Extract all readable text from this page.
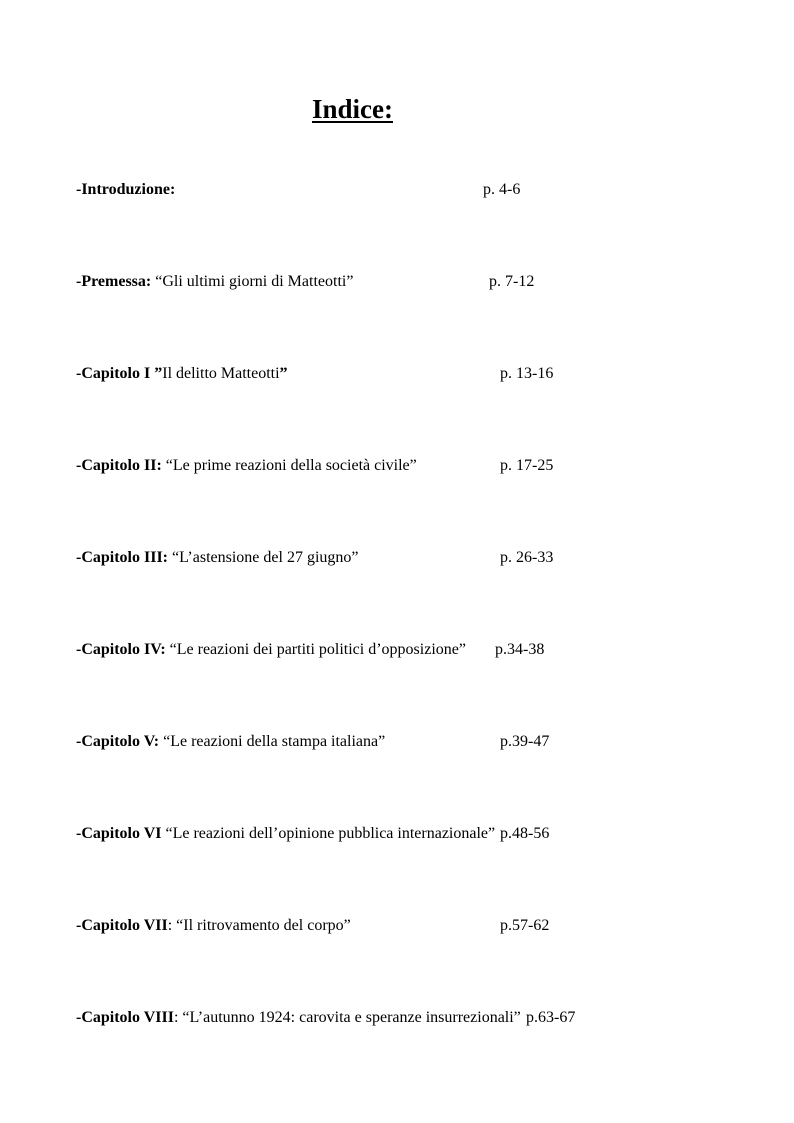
Indice:
-Introduzione:	p. 4-6
-Premessa: “Gli ultimi giorni di Matteotti”	p. 7-12
-Capitolo I ”Il delitto Matteotti”	p. 13-16
-Capitolo II: “Le prime reazioni della società civile”	p. 17-25
-Capitolo III: “L’astensione del 27 giugno”	p. 26-33
-Capitolo IV: “Le reazioni dei partiti politici d’opposizione” p.34-38
-Capitolo V: “Le reazioni della stampa italiana”	p.39-47
-Capitolo VI “Le reazioni dell’opinione pubblica internazionale” p.48-56
-Capitolo VII: “Il ritrovamento del corpo”	p.57-62
-Capitolo VIII: “L’autunno 1924: carovita e speranze insurrezionali” p.63-67
